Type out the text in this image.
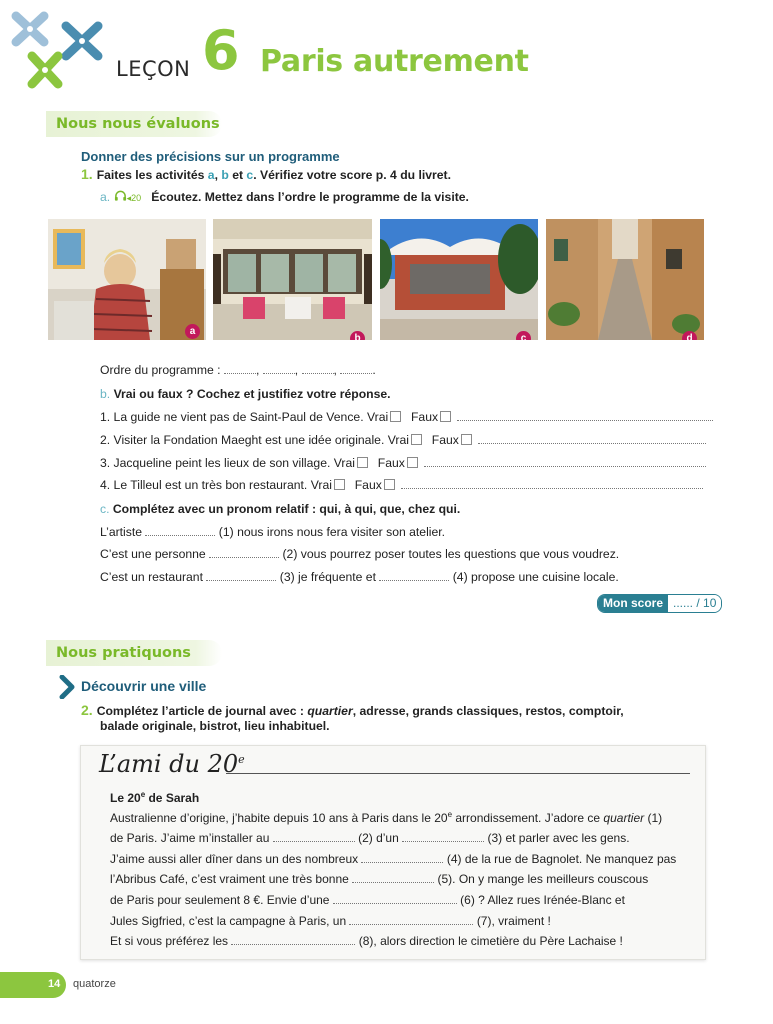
LEÇON 6 Paris autrement
Nous nous évaluons
Donner des précisions sur un programme
1. Faites les activités a, b et c. Vérifiez votre score p. 4 du livret.
a. ◂20 Écoutez. Mettez dans l’ordre le programme de la visite.
a
b	c	d
Ordre du programme :	,	,	,	.
b. Vrai ou faux ? Cochez et justifiez votre réponse.
1. La guide ne vient pas de Saint-Paul de Vence. Vrai Faux
2. Visiter la Fondation Maeght est une idée originale. Vrai Faux
3. Jacqueline peint les lieux de son village. Vrai Faux
4. Le Tilleul est un très bon restaurant. Vrai Faux
c. Complétez avec un pronom relatif : qui, à qui, que, chez qui.
L’artiste	(1) nous irons nous fera visiter son atelier.
C’est une personne	(2) vous pourrez poser toutes les questions que vous voudrez.
C’est un restaurant	(3) je fréquente et	(4) propose une cuisine locale.
Mon score ...... / 10
Nous pratiquons
Découvrir une ville
2. Complétez l’article de journal avec : quartier, adresse, grands classiques, restos, comptoir,
balade originale, bistrot, lieu inhabituel.
L’ami du 20e
Le 20e de Sarah
Australienne d’origine, j’habite depuis 10 ans à Paris dans le 20e arrondissement. J’adore ce quartier (1)
de Paris. J’aime m’installer au	(2) d’un	(3) et parler avec les gens.
J’aime aussi aller dîner dans un des nombreux	(4) de la rue de Bagnolet. Ne manquez pas
l’Abribus Café, c’est vraiment une très bonne	(5). On y mange les meilleurs couscous
de Paris pour seulement 8 €. Envie d’une	(6) ? Allez rues Irénée-Blanc et
Jules Sigfried, c’est la campagne à Paris, un	(7), vraiment !
Et si vous préférez les	(8), alors direction le cimetière du Père Lachaise !
14 quatorze
